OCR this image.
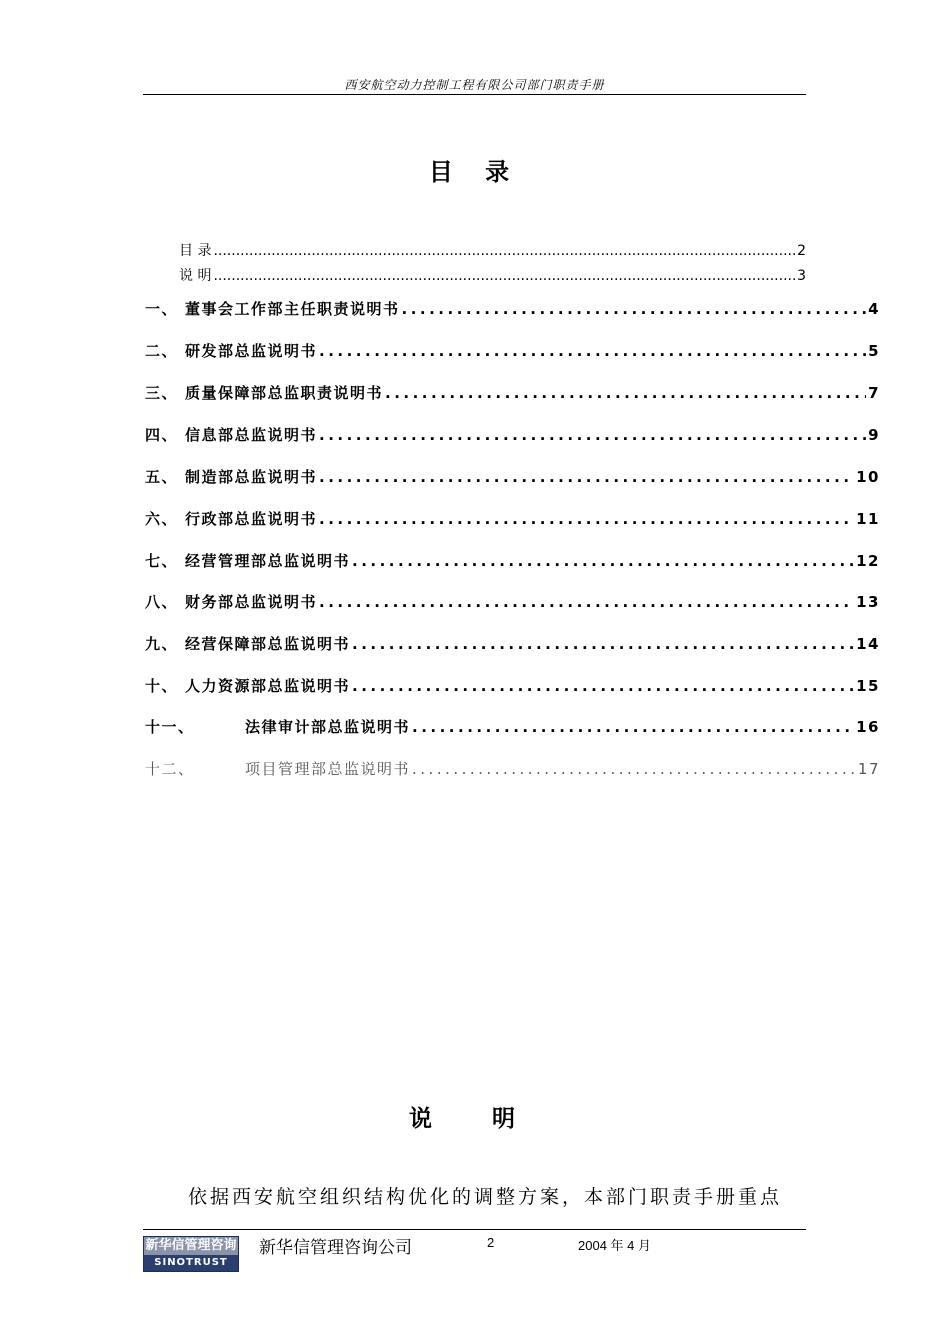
西安航空动力控制工程有限公司部门职责手册
目 录
目 录 .....	2
说 明 .....	3
一、 董事会工作部主任职责说明书 .....	4
二、 研发部总监说明书 .....	5
三、 质量保障部总监职责说明书 .....	7
四、 信息部总监说明书 .....	9
五、 制造部总监说明书 .....	10
六、 行政部总监说明书 .....	11
七、 经营管理部总监说明书 .....	12
八、 财务部总监说明书 .....	13
九、 经营保障部总监说明书 .....	14
十、 人力资源部总监说明书 .....	15
十一、	法律审计部总监说明书 .....	16
十二、	项目管理部总监说明书 .....	17
说 明
依据西安航空组织结构优化的调整方案，本部门职责手册重点
新华信管理咨询
SINOTRUST
新华信管理咨询公司	2	2004 年 4 月
